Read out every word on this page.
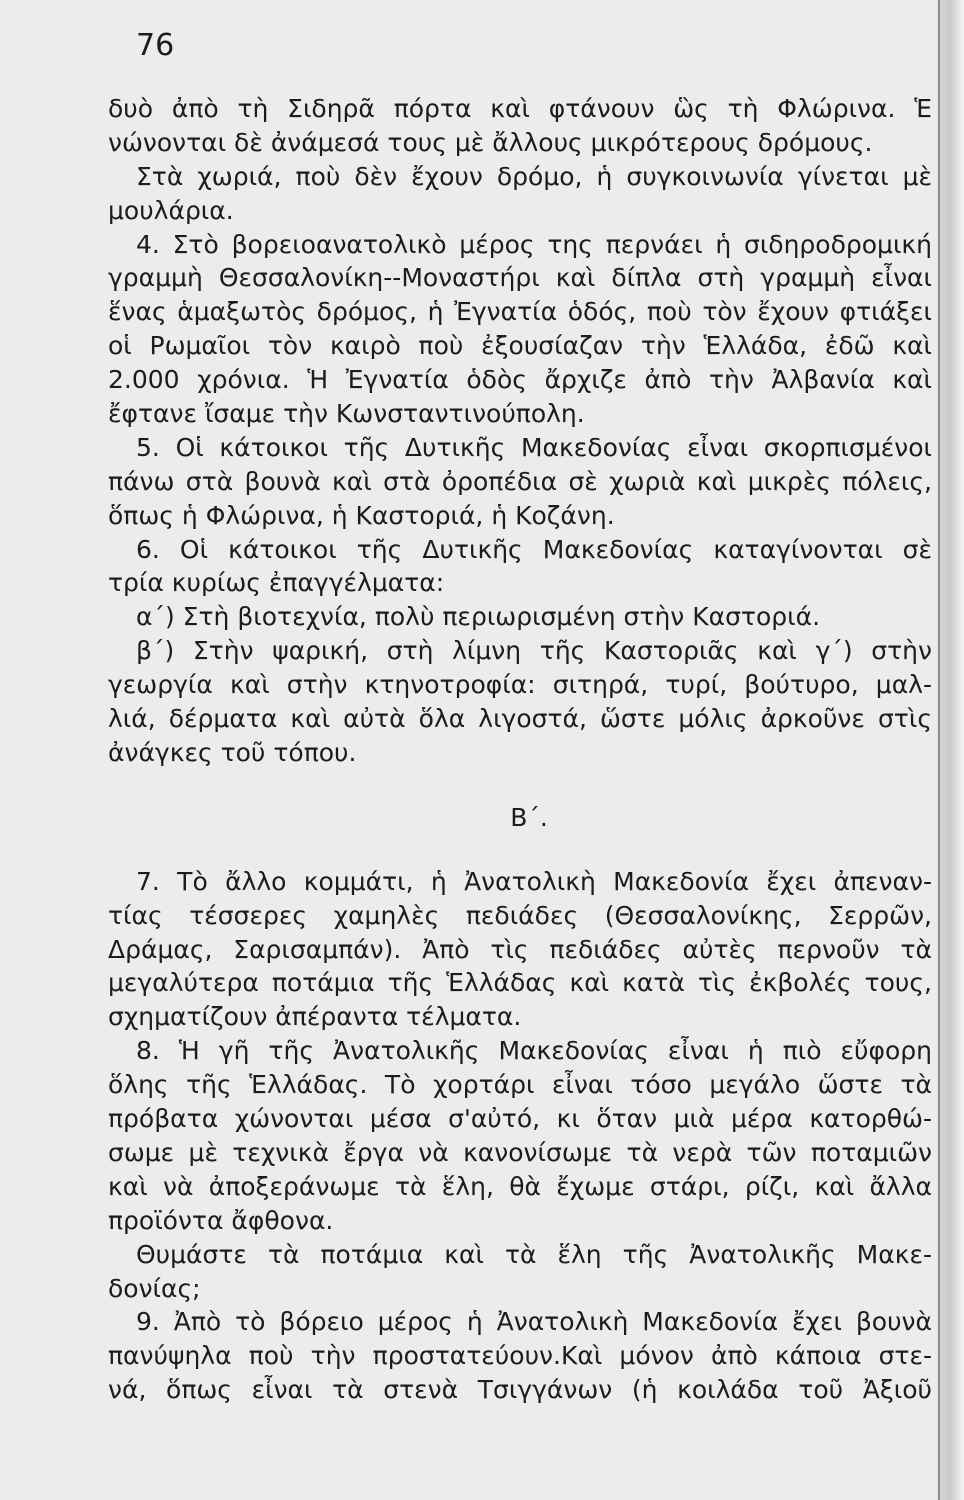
76
δυὸ ἀπὸ τὴ Σιδηρᾶ πόρτα καὶ φτάνουν ὣς τὴ Φλώρινα. Ἑ
νώνονται δὲ ἀνάμεσά τους μὲ ἄλλους μικρότερους δρόμους.
Στὰ χωριά, ποὺ δὲν ἔχουν δρόμο, ἡ συγκοινωνία γίνεται μὲ
μουλάρια.
4. Στὸ βορειοανατολικὸ μέρος της περνάει ἡ σιδηροδρομική
γραμμὴ Θεσσαλονίκη--Μοναστήρι καὶ δίπλα στὴ γραμμὴ εἶναι
ἕνας ἁμαξωτὸς δρόμος, ἡ Ἐγνατία ὁδός, ποὺ τὸν ἔχουν φτιάξει
οἱ Ρωμαῖοι τὸν καιρὸ ποὺ ἐξουσίαζαν τὴν Ἑλλάδα, ἐδῶ καὶ
2.000 χρόνια. Ἡ Ἐγνατία ὁδὸς ἄρχιζε ἀπὸ τὴν Ἀλβανία καὶ
ἔφτανε ἴσαμε τὴν Κωνσταντινούπολη.
5. Οἱ κάτοικοι τῆς Δυτικῆς Μακεδονίας εἶναι σκορπισμένοι
πάνω στὰ βουνὰ καὶ στὰ ὀροπέδια σὲ χωριὰ καὶ μικρὲς πόλεις,
ὅπως ἡ Φλώρινα, ἡ Καστοριά, ἡ Κοζάνη.
6. Οἱ κάτοικοι τῆς Δυτικῆς Μακεδονίας καταγίνονται σὲ
τρία κυρίως ἐπαγγέλματα:
α΄) Στὴ βιοτεχνία, πολὺ περιωρισμένη στὴν Καστοριά.
β΄) Στὴν ψαρική, στὴ λίμνη τῆς Καστοριᾶς καὶ γ΄) στὴν
γεωργία καὶ στὴν κτηνοτροφία: σιτηρά, τυρί, βούτυρο, μαλ-
λιά, δέρματα καὶ αὐτὰ ὅλα λιγοστά, ὥστε μόλις ἀρκοῦνε στὶς
ἀνάγκες τοῦ τόπου.
Β΄.
7. Τὸ ἄλλο κομμάτι, ἡ Ἀνατολικὴ Μακεδονία ἔχει ἀπεναν-
τίας τέσσερες χαμηλὲς πεδιάδες (Θεσσαλονίκης, Σερρῶν,
Δράμας, Σαρισαμπάν). Ἀπὸ τὶς πεδιάδες αὐτὲς περνοῦν τὰ
μεγαλύτερα ποτάμια τῆς Ἑλλάδας καὶ κατὰ τὶς ἐκβολές τους,
σχηματίζουν ἀπέραντα τέλματα.
8. Ἡ γῆ τῆς Ἀνατολικῆς Μακεδονίας εἶναι ἡ πιὸ εὔφορη
ὅλης τῆς Ἑλλάδας. Τὸ χορτάρι εἶναι τόσο μεγάλο ὥστε τὰ
πρόβατα χώνονται μέσα σ'αὐτό, κι ὅταν μιὰ μέρα κατορθώ-
σωμε μὲ τεχνικὰ ἔργα νὰ κανονίσωμε τὰ νερὰ τῶν ποταμιῶν
καὶ νὰ ἀποξεράνωμε τὰ ἕλη, θὰ ἔχωμε στάρι, ρίζι, καὶ ἄλλα
προϊόντα ἄφθονα.
Θυμάστε τὰ ποτάμια καὶ τὰ ἕλη τῆς Ἀνατολικῆς Μακε-
δονίας;
9. Ἀπὸ τὸ βόρειο μέρος ἡ Ἀνατολικὴ Μακεδονία ἔχει βουνὰ
πανύψηλα ποὺ τὴν προστατεύουν.Καὶ μόνον ἀπὸ κάποια στε-
νά, ὅπως εἶναι τὰ στενὰ Τσιγγάνων (ἡ κοιλάδα τοῦ Ἀξιοῦ
